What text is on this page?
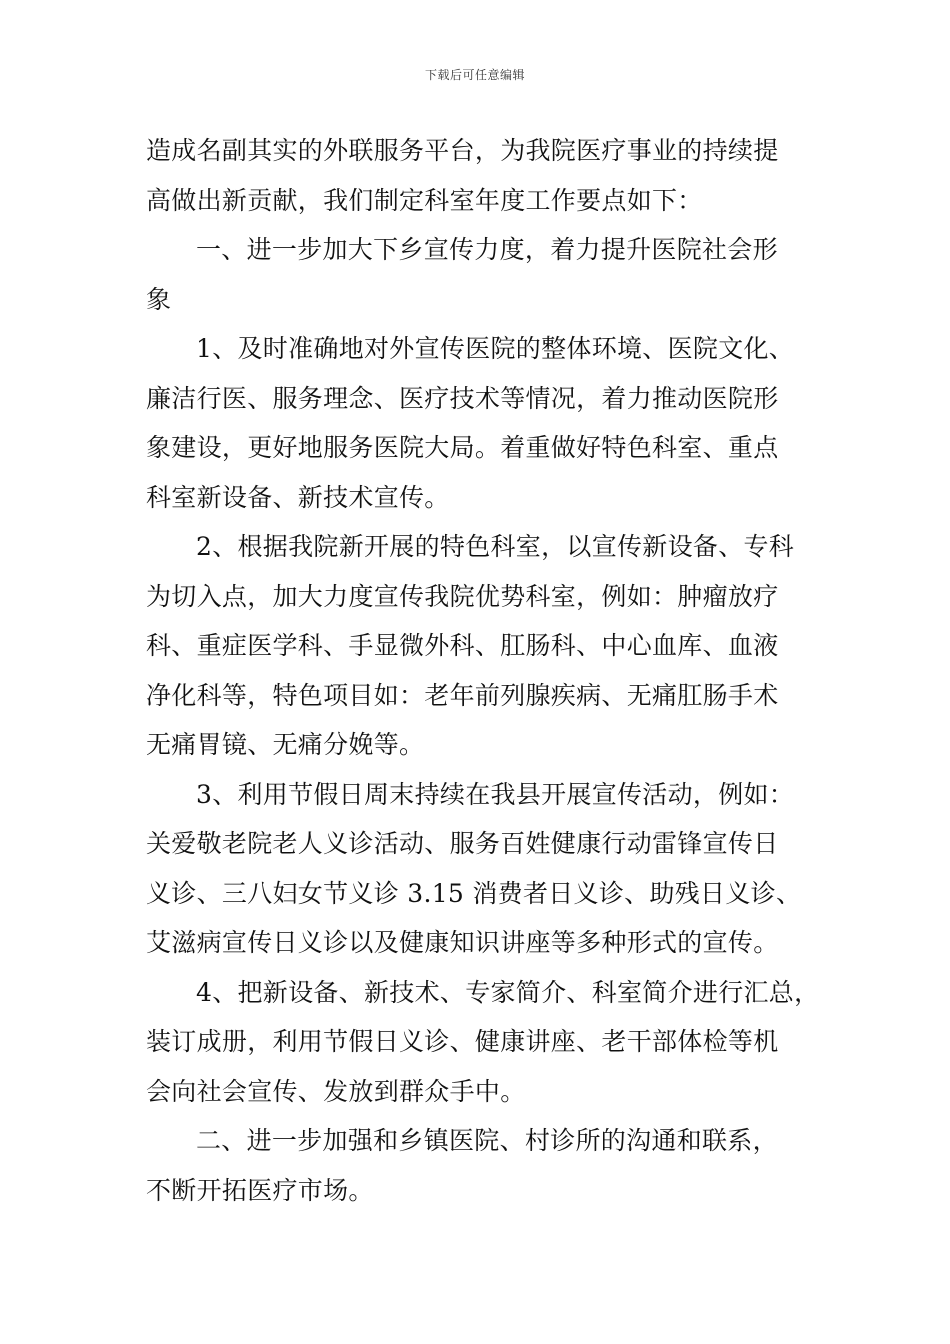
下载后可任意编辑
造成名副其实的外联服务平台，为我院医疗事业的持续提
高做出新贡献，我们制定科室年度工作要点如下：
一、进一步加大下乡宣传力度，着力提升医院社会形
象
1、及时准确地对外宣传医院的整体环境、医院文化、
廉洁行医、服务理念、医疗技术等情况，着力推动医院形
象建设，更好地服务医院大局。着重做好特色科室、重点
科室新设备、新技术宣传。
2、根据我院新开展的特色科室，以宣传新设备、专科
为切入点，加大力度宣传我院优势科室，例如：肿瘤放疗
科、重症医学科、手显微外科、肛肠科、中心血库、血液
净化科等，特色项目如：老年前列腺疾病、无痛肛肠手术
无痛胃镜、无痛分娩等。
3、利用节假日周末持续在我县开展宣传活动，例如：
关爱敬老院老人义诊活动、服务百姓健康行动雷锋宣传日
义诊、三八妇女节义诊 3.15 消费者日义诊、助残日义诊、
艾滋病宣传日义诊以及健康知识讲座等多种形式的宣传。
4、把新设备、新技术、专家简介、科室简介进行汇总，
装订成册，利用节假日义诊、健康讲座、老干部体检等机
会向社会宣传、发放到群众手中。
二、进一步加强和乡镇医院、村诊所的沟通和联系，
不断开拓医疗市场。
